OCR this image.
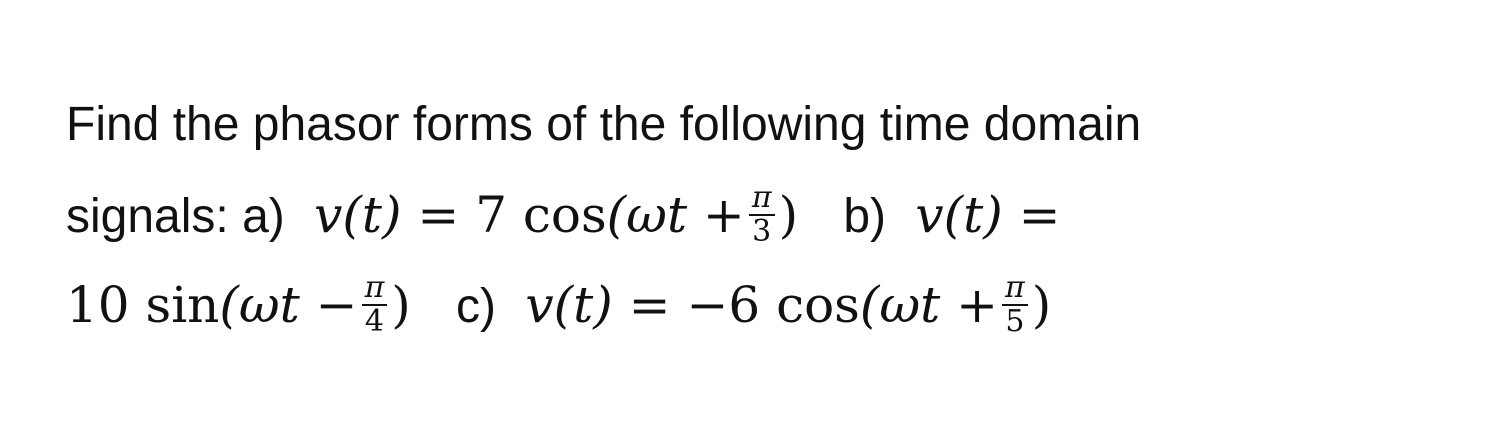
Find the phasor forms of the following time domain
signals: a) v(t) = 7 $\cos(\omega t + \frac{\pi}{3}$ ) b) v(t) =
10 $\sin(\omega t - \frac{\pi}{4}$ ) c) v(t) = −6 $\cos(\omega t + \frac{\pi}{5}$ )
